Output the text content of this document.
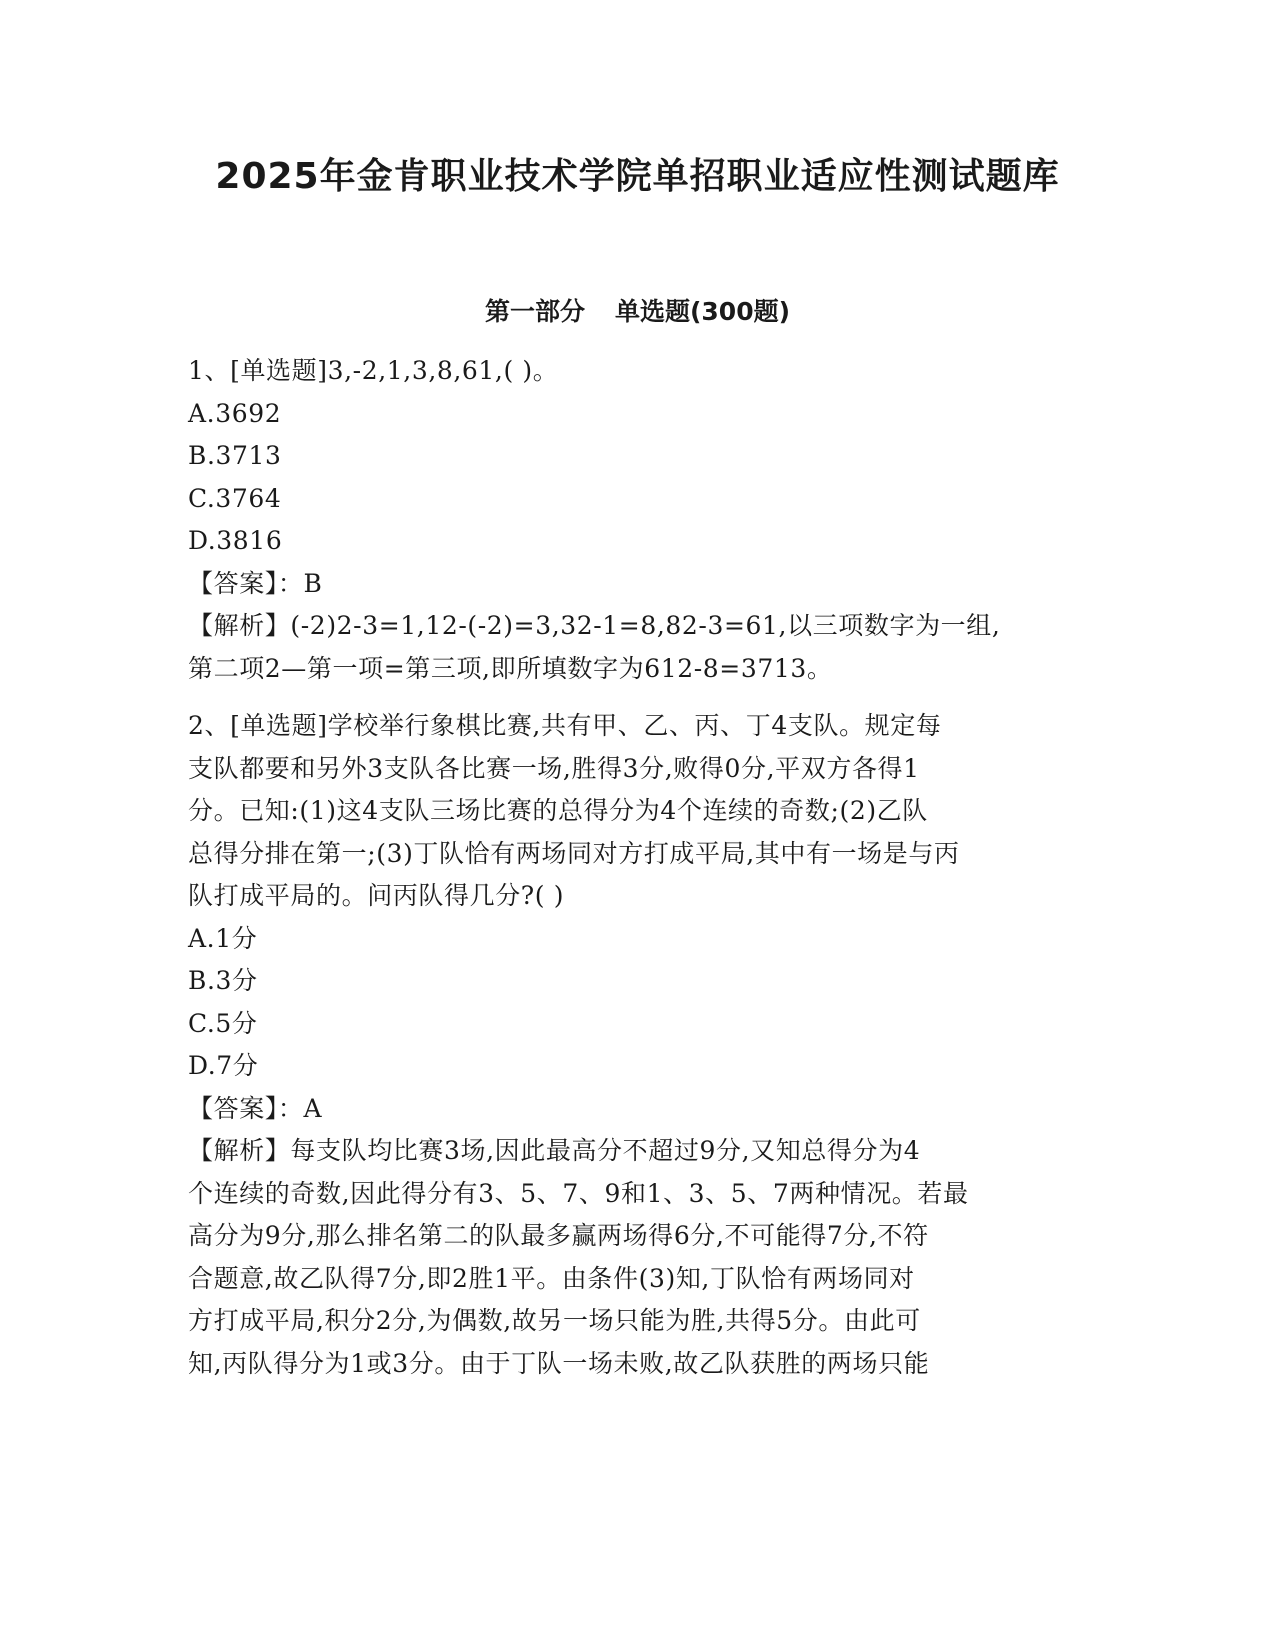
2025年金肯职业技术学院单招职业适应性测试题库
第一部分 单选题(300题)

1、[单选题]3,-2,1,3,8,61,( )。

A.3692

B.3713

C.3764

D.3816

【答案】：B

【解析】(-2)2-3=1,12-(-2)=3,32-1=8,82-3=61,以三项数字为一组,

第二项2—第一项=第三项,即所填数字为612-8=3713。

2、[单选题]学校举行象棋比赛,共有甲、乙、丙、丁4支队。规定每

支队都要和另外3支队各比赛一场,胜得3分,败得0分,平双方各得1

分。已知:(1)这4支队三场比赛的总得分为4个连续的奇数;(2)乙队

总得分排在第一;(3)丁队恰有两场同对方打成平局,其中有一场是与丙

队打成平局的。问丙队得几分?( )

A.1分

B.3分

C.5分

D.7分

【答案】：A

【解析】每支队均比赛3场,因此最高分不超过9分,又知总得分为4

个连续的奇数,因此得分有3、5、7、9和1、3、5、7两种情况。若最

高分为9分,那么排名第二的队最多赢两场得6分,不可能得7分,不符

合题意,故乙队得7分,即2胜1平。由条件(3)知,丁队恰有两场同对

方打成平局,积分2分,为偶数,故另一场只能为胜,共得5分。由此可

知,丙队得分为1或3分。由于丁队一场未败,故乙队获胜的两场只能
